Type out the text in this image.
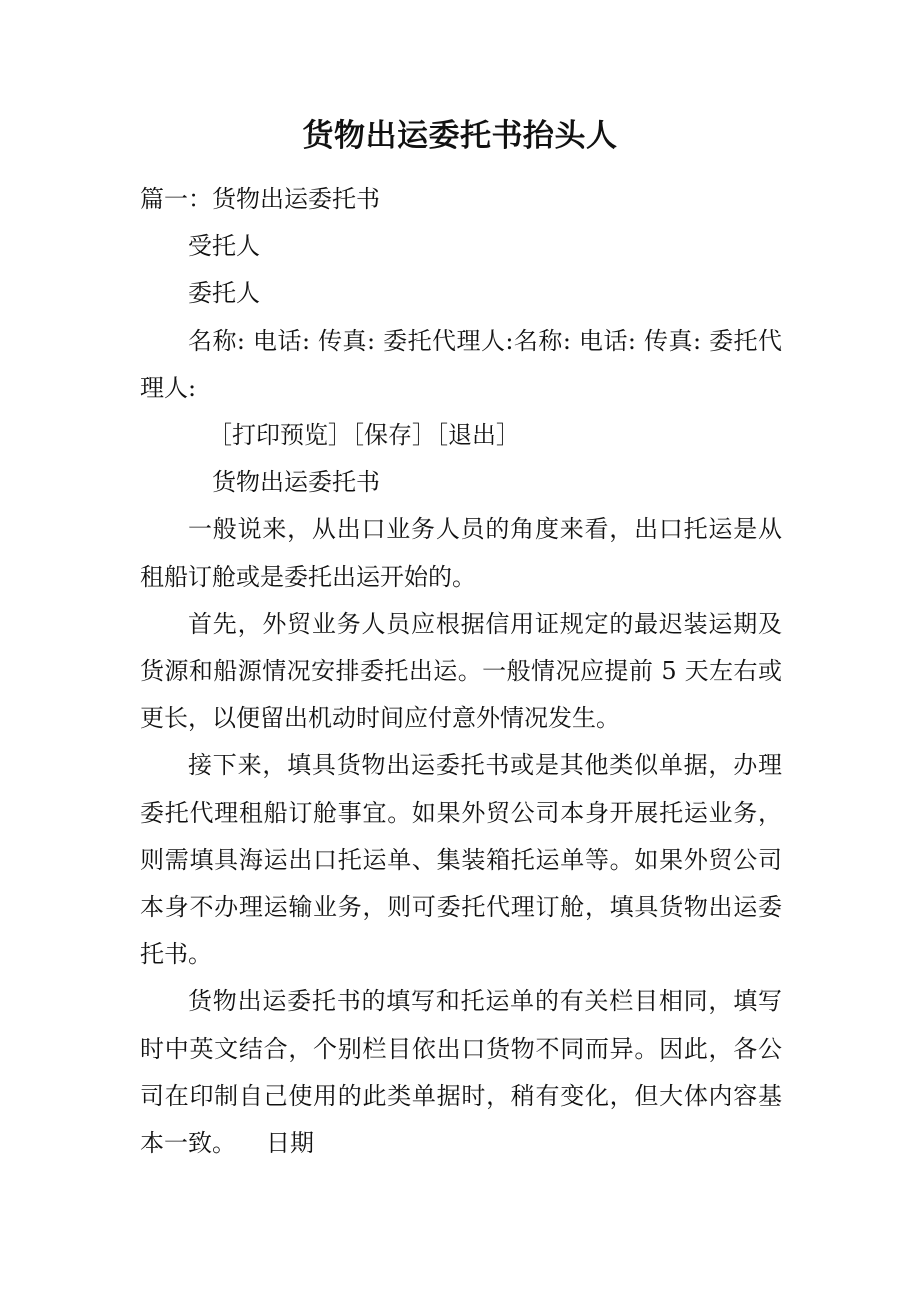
货物出运委托书抬头人

篇一：货物出运委托书

受托人

委托人

名称: 电话: 传真: 委托代理人:名称: 电话: 传真: 委托代理人:

［打印预览］［保存］［退出］

货物出运委托书

一般说来，从出口业务人员的角度来看，出口托运是从租船订舱或是委托出运开始的。

首先，外贸业务人员应根据信用证规定的最迟装运期及货源和船源情况安排委托出运。一般情况应提前 5 天左右或更长，以便留出机动时间应付意外情况发生。

接下来，填具货物出运委托书或是其他类似单据，办理委托代理租船订舱事宜。如果外贸公司本身开展托运业务，则需填具海运出口托运单、集装箱托运单等。如果外贸公司本身不办理运输业务，则可委托代理订舱，填具货物出运委托书。

货物出运委托书的填写和托运单的有关栏目相同，填写时中英文结合，个别栏目依出口货物不同而异。因此，各公司在印制自己使用的此类单据时，稍有变化，但大体内容基本一致。 日期
